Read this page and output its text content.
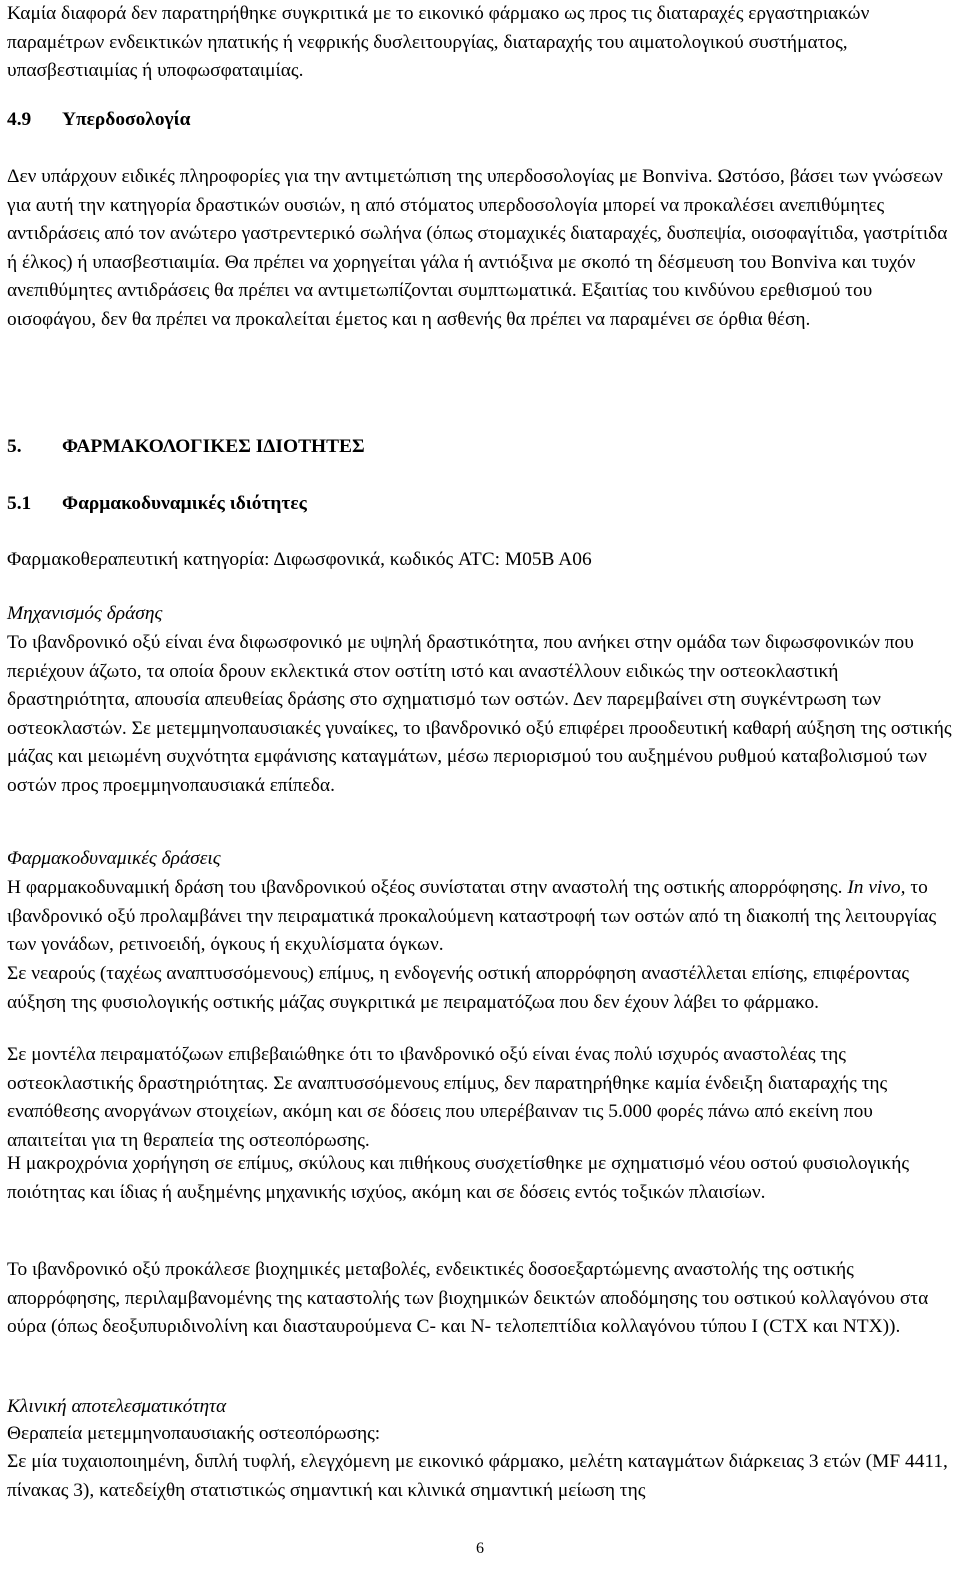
Καμία διαφορά δεν παρατηρήθηκε συγκριτικά με το εικονικό φάρμακο ως προς τις διαταραχές εργαστηριακών παραμέτρων ενδεικτικών ηπατικής ή νεφρικής δυσλειτουργίας, διαταραχής του αιματολογικού συστήματος, υπασβεστιαιμίας ή υποφωσφαταιμίας.

4.9 Υπερδοσολογία

Δεν υπάρχουν ειδικές πληροφορίες για την αντιμετώπιση της υπερδοσολογίας με Bonviva. Ωστόσο, βάσει των γνώσεων για αυτή την κατηγορία δραστικών ουσιών, η από στόματος υπερδοσολογία μπορεί να προκαλέσει ανεπιθύμητες αντιδράσεις από τον ανώτερο γαστρεντερικό σωλήνα (όπως στομαχικές διαταραχές, δυσπεψία, οισοφαγίτιδα, γαστρίτιδα ή έλκος) ή υπασβεστιαιμία. Θα πρέπει να χορηγείται γάλα ή αντιόξινα με σκοπό τη δέσμευση του Bonviva και τυχόν ανεπιθύμητες αντιδράσεις θα πρέπει να αντιμετωπίζονται συμπτωματικά. Εξαιτίας του κινδύνου ερεθισμού του οισοφάγου, δεν θα πρέπει να προκαλείται έμετος και η ασθενής θα πρέπει να παραμένει σε όρθια θέση.

5. ΦΑΡΜΑΚΟΛΟΓΙΚΕΣ ΙΔΙΟΤΗΤΕΣ

5.1 Φαρμακοδυναμικές ιδιότητες

Φαρμακοθεραπευτική κατηγορία: Διφωσφονικά, κωδικός ATC: M05B A06

Μηχανισμός δράσης

Το ιβανδρονικό οξύ είναι ένα διφωσφονικό με υψηλή δραστικότητα, που ανήκει στην ομάδα των διφωσφονικών που περιέχουν άζωτο, τα οποία δρουν εκλεκτικά στον οστίτη ιστό και αναστέλλουν ειδικώς την οστεοκλαστική δραστηριότητα, απουσία απευθείας δράσης στο σχηματισμό των οστών. Δεν παρεμβαίνει στη συγκέντρωση των οστεοκλαστών. Σε μετεμμηνοπαυσιακές γυναίκες, το ιβανδρονικό οξύ επιφέρει προοδευτική καθαρή αύξηση της οστικής μάζας και μειωμένη συχνότητα εμφάνισης καταγμάτων, μέσω περιορισμού του αυξημένου ρυθμού καταβολισμού των οστών προς προεμμηνοπαυσιακά επίπεδα.

Φαρμακοδυναμικές δράσεις

Η φαρμακοδυναμική δράση του ιβανδρονικού οξέος συνίσταται στην αναστολή της οστικής απορρόφησης. In vivo, το ιβανδρονικό οξύ προλαμβάνει την πειραματικά προκαλούμενη καταστροφή των οστών από τη διακοπή της λειτουργίας των γονάδων, ρετινοειδή, όγκους ή εκχυλίσματα όγκων.

Σε νεαρούς (ταχέως αναπτυσσόμενους) επίμυς, η ενδογενής οστική απορρόφηση αναστέλλεται επίσης, επιφέροντας αύξηση της φυσιολογικής οστικής μάζας συγκριτικά με πειραματόζωα που δεν έχουν λάβει το φάρμακο.

Σε μοντέλα πειραματόζωων επιβεβαιώθηκε ότι το ιβανδρονικό οξύ είναι ένας πολύ ισχυρός αναστολέας της οστεοκλαστικής δραστηριότητας. Σε αναπτυσσόμενους επίμυς, δεν παρατηρήθηκε καμία ένδειξη διαταραχής της εναπόθεσης ανοργάνων στοιχείων, ακόμη και σε δόσεις που υπερέβαιναν τις 5.000 φορές πάνω από εκείνη που απαιτείται για τη θεραπεία της οστεοπόρωσης.

Η μακροχρόνια χορήγηση σε επίμυς, σκύλους και πιθήκους συσχετίσθηκε με σχηματισμό νέου οστού φυσιολογικής ποιότητας και ίδιας ή αυξημένης μηχανικής ισχύος, ακόμη και σε δόσεις εντός τοξικών πλαισίων.

Το ιβανδρονικό οξύ προκάλεσε βιοχημικές μεταβολές, ενδεικτικές δοσοεξαρτώμενης αναστολής της οστικής απορρόφησης, περιλαμβανομένης της καταστολής των βιοχημικών δεικτών αποδόμησης του οστικού κολλαγόνου στα ούρα (όπως δεοξυπυριδινολίνη και διασταυρούμενα C- και N- τελοπεπτίδια κολλαγόνου τύπου I (CTX και NTX)).

Κλινική αποτελεσματικότητα

Θεραπεία μετεμμηνοπαυσιακής οστεοπόρωσης:

Σε μία τυχαιοποιημένη, διπλή τυφλή, ελεγχόμενη με εικονικό φάρμακο, μελέτη καταγμάτων διάρκειας 3 ετών (MF 4411, πίνακας 3), κατεδείχθη στατιστικώς σημαντική και κλινικά σημαντική μείωση της

6
